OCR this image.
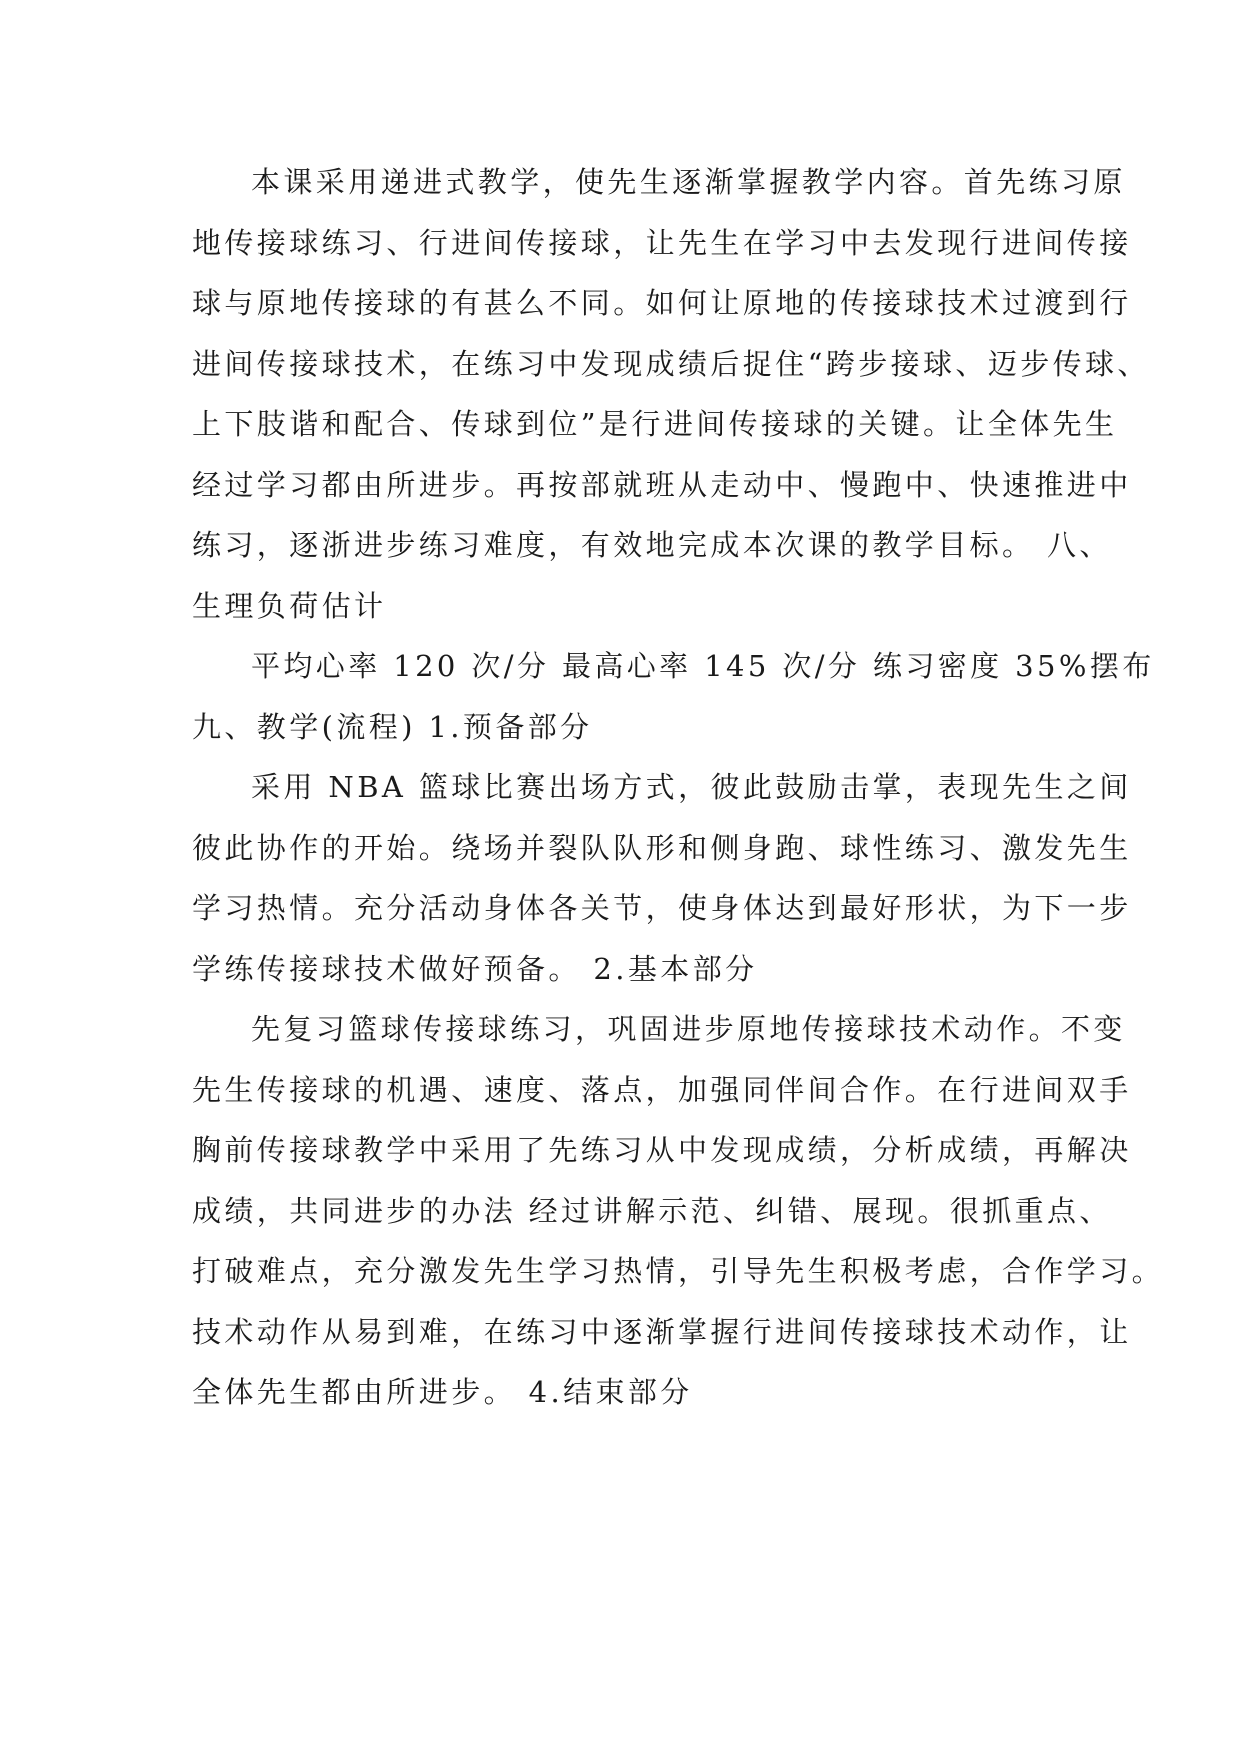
本课采用递进式教学，使先生逐渐掌握教学内容。首先练习原
地传接球练习、行进间传接球，让先生在学习中去发现行进间传接
球与原地传接球的有甚么不同。如何让原地的传接球技术过渡到行
进间传接球技术，在练习中发现成绩后捉住“跨步接球、迈步传球、
上下肢谐和配合、传球到位”是行进间传接球的关键。让全体先生
经过学习都由所进步。再按部就班从走动中、慢跑中、快速推进中
练习，逐浙进步练习难度，有效地完成本次课的教学目标。 八、
生理负荷估计
平均心率 120 次/分 最高心率 145 次/分 练习密度 35%摆布
九、教学(流程) 1.预备部分
采用 NBA 篮球比赛出场方式，彼此鼓励击掌，表现先生之间
彼此协作的开始。绕场并裂队队形和侧身跑、球性练习、激发先生
学习热情。充分活动身体各关节，使身体达到最好形状，为下一步
学练传接球技术做好预备。 2.基本部分
先复习篮球传接球练习，巩固进步原地传接球技术动作。不变
先生传接球的机遇、速度、落点，加强同伴间合作。在行进间双手
胸前传接球教学中采用了先练习从中发现成绩，分析成绩，再解决
成绩，共同进步的办法 经过讲解示范、纠错、展现。很抓重点、
打破难点，充分激发先生学习热情，引导先生积极考虑，合作学习。
技术动作从易到难，在练习中逐渐掌握行进间传接球技术动作，让
全体先生都由所进步。 4.结束部分
